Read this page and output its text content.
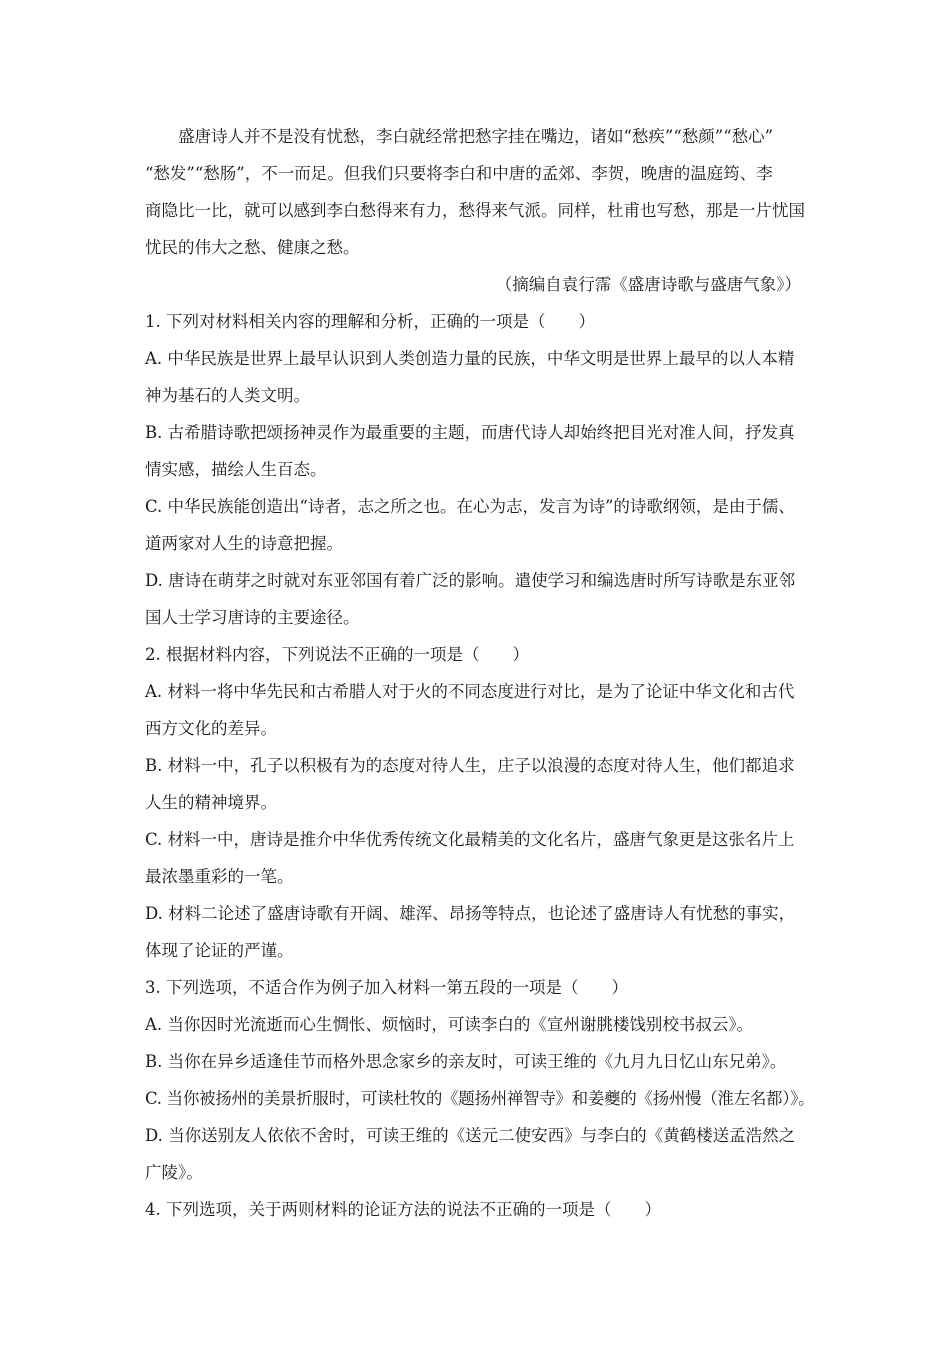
盛唐诗人并不是没有忧愁，李白就经常把愁字挂在嘴边，诸如“愁疾”“愁颜”“愁心”
“愁发”“愁肠”，不一而足。但我们只要将李白和中唐的孟郊、李贺，晚唐的温庭筠、李
商隐比一比，就可以感到李白愁得来有力，愁得来气派。同样，杜甫也写愁，那是一片忧国
忧民的伟大之愁、健康之愁。
（摘编自袁行霈《盛唐诗歌与盛唐气象》）
1. 下列对材料相关内容的理解和分析，正确的一项是（　　）
A. 中华民族是世界上最早认识到人类创造力量的民族，中华文明是世界上最早的以人本精
神为基石的人类文明。
B. 古希腊诗歌把颂扬神灵作为最重要的主题，而唐代诗人却始终把目光对准人间，抒发真
情实感，描绘人生百态。
C. 中华民族能创造出“诗者，志之所之也。在心为志，发言为诗”的诗歌纲领，是由于儒、
道两家对人生的诗意把握。
D. 唐诗在萌芽之时就对东亚邻国有着广泛的影响。遣使学习和编选唐时所写诗歌是东亚邻
国人士学习唐诗的主要途径。
2. 根据材料内容，下列说法不正确的一项是（　　）
A. 材料一将中华先民和古希腊人对于火的不同态度进行对比，是为了论证中华文化和古代
西方文化的差异。
B. 材料一中，孔子以积极有为的态度对待人生，庄子以浪漫的态度对待人生，他们都追求
人生的精神境界。
C. 材料一中，唐诗是推介中华优秀传统文化最精美的文化名片，盛唐气象更是这张名片上
最浓墨重彩的一笔。
D. 材料二论述了盛唐诗歌有开阔、雄浑、昂扬等特点，也论述了盛唐诗人有忧愁的事实，
体现了论证的严谨。
3. 下列选项，不适合作为例子加入材料一第五段的一项是（　　）
A. 当你因时光流逝而心生惆怅、烦恼时，可读李白的《宣州谢朓楼饯别校书叔云》。
B. 当你在异乡适逢佳节而格外思念家乡的亲友时，可读王维的《九月九日忆山东兄弟》。
C. 当你被扬州的美景折服时，可读杜牧的《题扬州禅智寺》和姜夔的《扬州慢（淮左名都）》。
D. 当你送别友人依依不舍时，可读王维的《送元二使安西》与李白的《黄鹤楼送孟浩然之
广陵》。
4. 下列选项，关于两则材料的论证方法的说法不正确的一项是（　　）
